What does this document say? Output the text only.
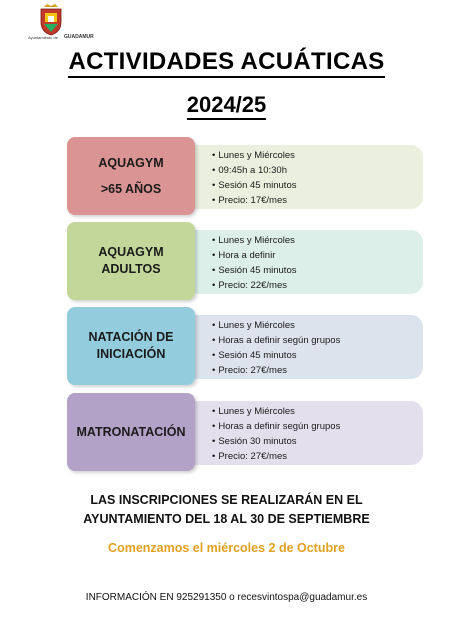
Ayuntamiento de GUADAMUR
ACTIVIDADES ACUÁTICAS
2024/25
• Lunes y Miércoles
• 09:45h a 10:30h
• Sesión 45 minutos
• Precio: 17€/mes
AQUAGYM
>65 AÑOS
• Lunes y Miércoles
• Hora a definir
• Sesión 45 minutos
• Precio: 22€/mes
AQUAGYM
ADULTOS
• Lunes y Miércoles
• Horas a definir según grupos
• Sesión 45 minutos
• Precio: 27€/mes
NATACIÓN DE
INICIACIÓN
• Lunes y Miércoles
• Horas a definir según grupos
• Sesión 30 minutos
• Precio: 27€/mes
MATRONATACIÓN
LAS INSCRIPCIONES SE REALIZARÁN EN EL
AYUNTAMIENTO DEL 18 AL 30 DE SEPTIEMBRE
Comenzamos el miércoles 2 de Octubre
INFORMACIÓN EN 925291350 o recesvintospa@guadamur.es
